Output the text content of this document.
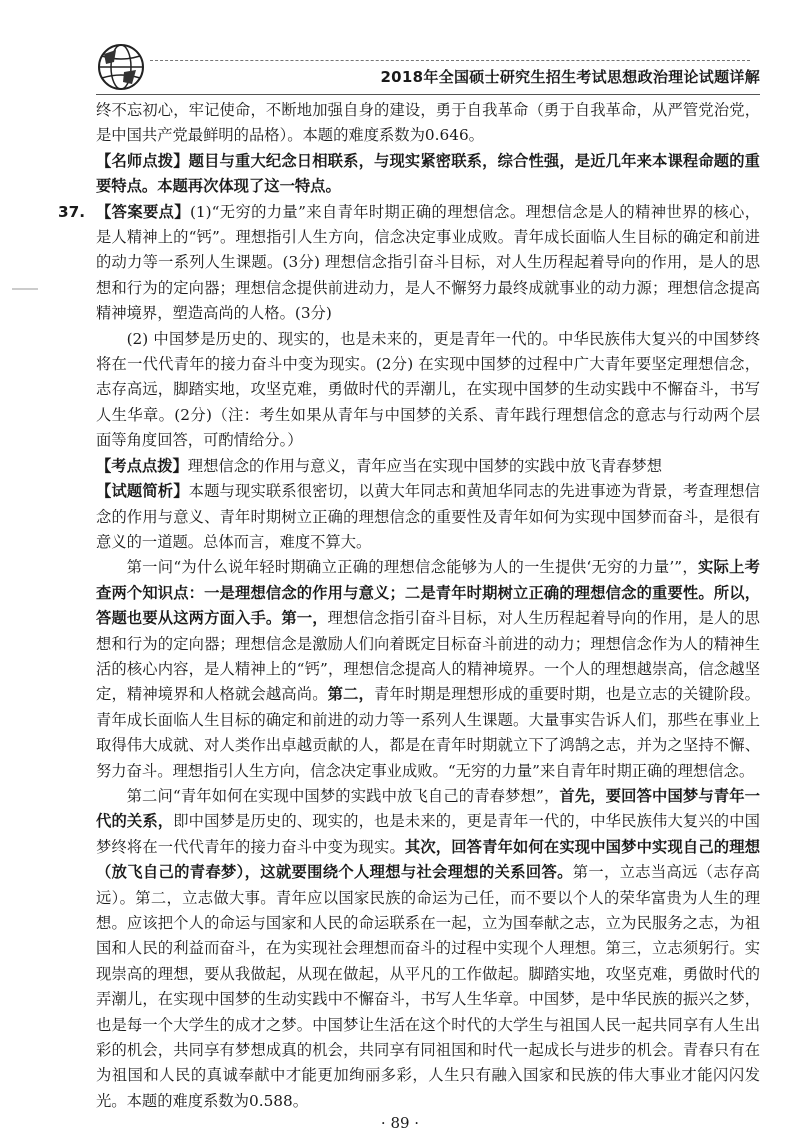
2018年全国硕士研究生招生考试思想政治理论试题详解

终不忘初心，牢记使命，不断地加强自身的建设，勇于自我革命（勇于自我革命，从严管党治党，是中国共产党最鲜明的品格）。本题的难度系数为0.646。

【名师点拨】题目与重大纪念日相联系，与现实紧密联系，综合性强，是近几年来本课程命题的重要特点。本题再次体现了这一特点。

37. 【答案要点】(1)“无穷的力量”来自青年时期正确的理想信念。理想信念是人的精神世界的核心，是人精神上的“钙”。理想指引人生方向，信念决定事业成败。青年成长面临人生目标的确定和前进的动力等一系列人生课题。(3分) 理想信念指引奋斗目标，对人生历程起着导向的作用，是人的思想和行为的定向器；理想信念提供前进动力，是人不懈努力最终成就事业的动力源；理想信念提高精神境界，塑造高尚的人格。(3分)

(2) 中国梦是历史的、现实的，也是未来的，更是青年一代的。中华民族伟大复兴的中国梦终将在一代代青年的接力奋斗中变为现实。(2分) 在实现中国梦的过程中广大青年要坚定理想信念，志存高远，脚踏实地，攻坚克难，勇做时代的弄潮儿，在实现中国梦的生动实践中不懈奋斗，书写人生华章。(2分)（注：考生如果从青年与中国梦的关系、青年践行理想信念的意志与行动两个层面等角度回答，可酌情给分。）

【考点点拨】理想信念的作用与意义，青年应当在实现中国梦的实践中放飞青春梦想

【试题简析】本题与现实联系很密切，以黄大年同志和黄旭华同志的先进事迹为背景，考查理想信念的作用与意义、青年时期树立正确的理想信念的重要性及青年如何为实现中国梦而奋斗，是很有意义的一道题。总体而言，难度不算大。

第一问“为什么说年轻时期确立正确的理想信念能够为人的一生提供‘无穷的力量’”，实际上考查两个知识点：一是理想信念的作用与意义；二是青年时期树立正确的理想信念的重要性。所以，答题也要从这两方面入手。第一，理想信念指引奋斗目标，对人生历程起着导向的作用，是人的思想和行为的定向器；理想信念是激励人们向着既定目标奋斗前进的动力；理想信念作为人的精神生活的核心内容，是人精神上的“钙”，理想信念提高人的精神境界。一个人的理想越崇高，信念越坚定，精神境界和人格就会越高尚。第二，青年时期是理想形成的重要时期，也是立志的关键阶段。青年成长面临人生目标的确定和前进的动力等一系列人生课题。大量事实告诉人们，那些在事业上取得伟大成就、对人类作出卓越贡献的人，都是在青年时期就立下了鸿鹄之志，并为之坚持不懈、努力奋斗。理想指引人生方向，信念决定事业成败。“无穷的力量”来自青年时期正确的理想信念。

第二问“青年如何在实现中国梦的实践中放飞自己的青春梦想”，首先，要回答中国梦与青年一代的关系，即中国梦是历史的、现实的，也是未来的，更是青年一代的，中华民族伟大复兴的中国梦终将在一代代青年的接力奋斗中变为现实。其次，回答青年如何在实现中国梦中实现自己的理想（放飞自己的青春梦），这就要围绕个人理想与社会理想的关系回答。第一，立志当高远（志存高远）。第二，立志做大事。青年应以国家民族的命运为己任，而不要以个人的荣华富贵为人生的理想。应该把个人的命运与国家和人民的命运联系在一起，立为国奉献之志，立为民服务之志，为祖国和人民的利益而奋斗，在为实现社会理想而奋斗的过程中实现个人理想。第三，立志须躬行。实现崇高的理想，要从我做起，从现在做起，从平凡的工作做起。脚踏实地，攻坚克难，勇做时代的弄潮儿，在实现中国梦的生动实践中不懈奋斗，书写人生华章。中国梦，是中华民族的振兴之梦，也是每一个大学生的成才之梦。中国梦让生活在这个时代的大学生与祖国人民一起共同享有人生出彩的机会，共同享有梦想成真的机会，共同享有同祖国和时代一起成长与进步的机会。青春只有在为祖国和人民的真诚奉献中才能更加绚丽多彩，人生只有融入国家和民族的伟大事业才能闪闪发光。本题的难度系数为0.588。

· 89 ·
